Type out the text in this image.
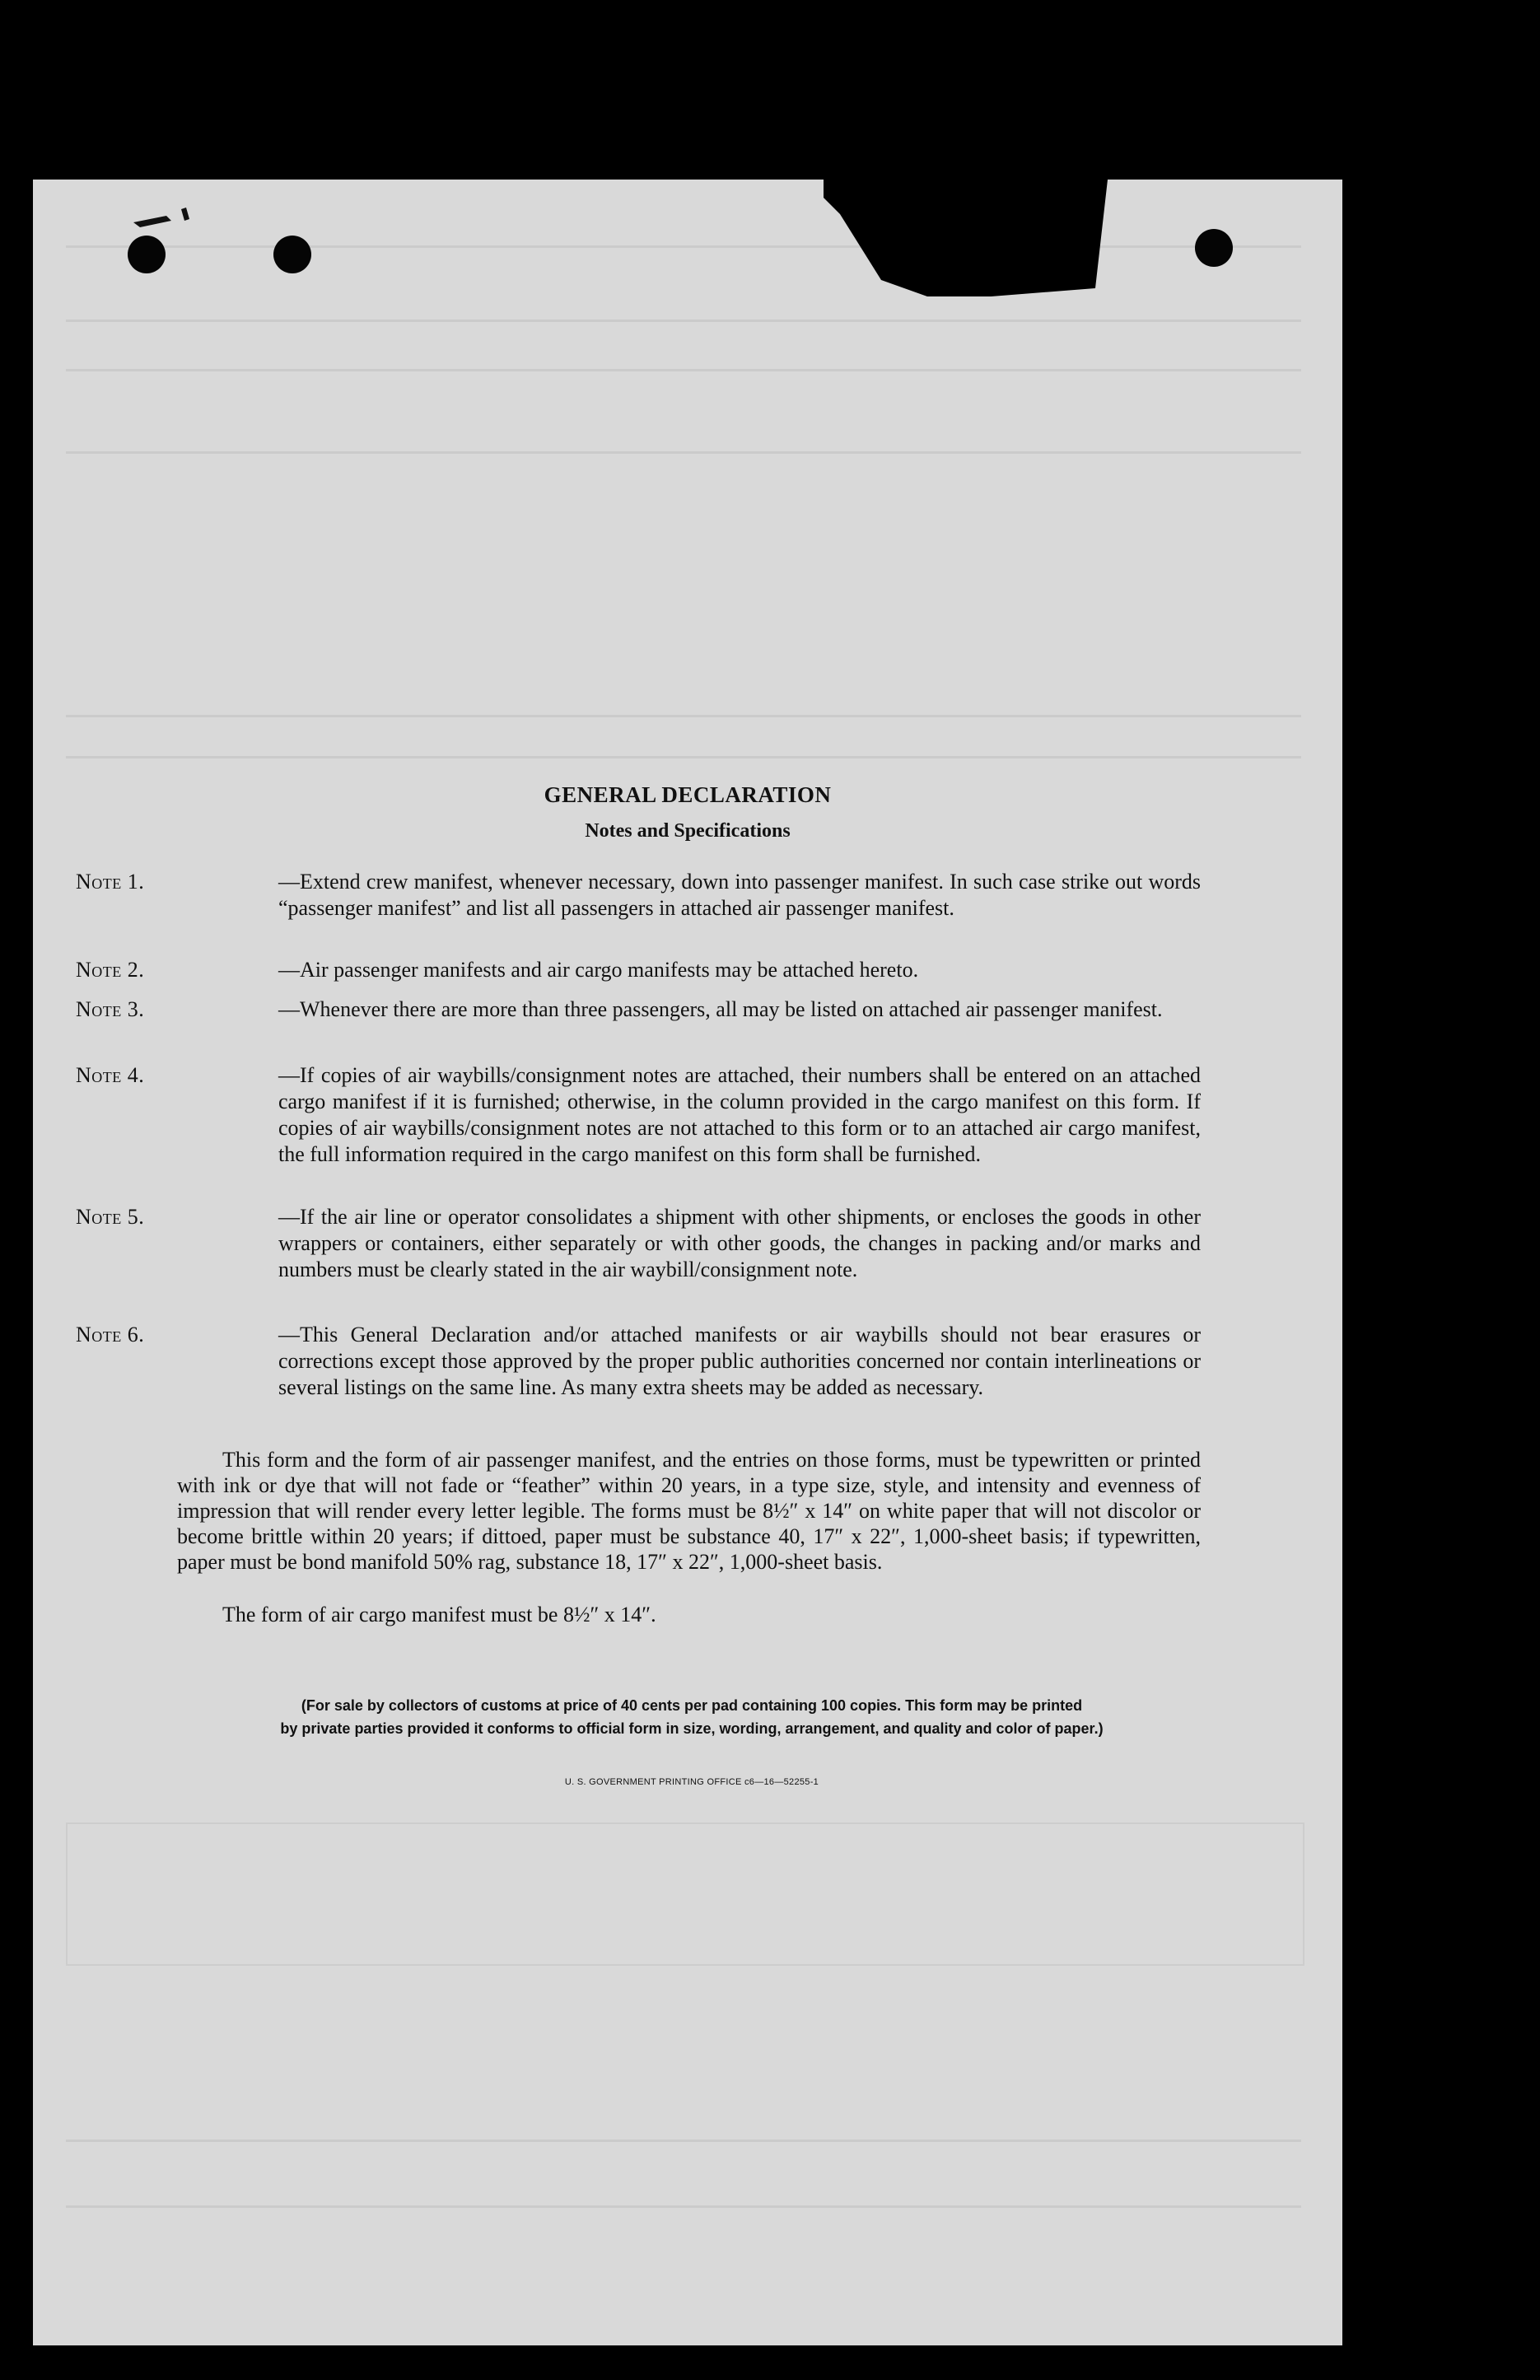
GENERAL DECLARATION
Notes and Specifications
Note 1.	—Extend crew manifest, whenever necessary, down into passenger manifest. In such case strike out words “passenger manifest” and list all passengers in attached air passenger manifest.
Note 2.	—Air passenger manifests and air cargo manifests may be attached hereto.
Note 3.	—Whenever there are more than three passengers, all may be listed on attached air passenger manifest.
Note 4.	—If copies of air waybills/consignment notes are attached, their numbers shall be entered on an attached cargo manifest if it is furnished; otherwise, in the column provided in the cargo manifest on this form. If copies of air waybills/consignment notes are not attached to this form or to an attached air cargo manifest, the full information required in the cargo manifest on this form shall be furnished.
Note 5.	—If the air line or operator consolidates a shipment with other shipments, or encloses the goods in other wrappers or containers, either separately or with other goods, the changes in packing and/or marks and numbers must be clearly stated in the air waybill/consignment note.
Note 6.	—This General Declaration and/or attached manifests or air waybills should not bear erasures or corrections except those approved by the proper public authorities concerned nor contain interlineations or several listings on the same line. As many extra sheets may be added as necessary.
This form and the form of air passenger manifest, and the entries on those forms, must be typewritten or printed with ink or dye that will not fade or “feather” within 20 years, in a type size, style, and intensity and evenness of impression that will render every letter legible. The forms must be 8½″ x 14″ on white paper that will not discolor or become brittle within 20 years; if dittoed, paper must be substance 40, 17″ x 22″, 1,000-sheet basis; if typewritten, paper must be bond manifold 50% rag, substance 18, 17″ x 22″, 1,000-sheet basis.
The form of air cargo manifest must be 8½″ x 14″.
(For sale by collectors of customs at price of 40 cents per pad containing 100 copies. This form may be printed
by private parties provided it conforms to official form in size, wording, arrangement, and quality and color of paper.)
U. S. GOVERNMENT PRINTING OFFICE c6—16—52255-1
